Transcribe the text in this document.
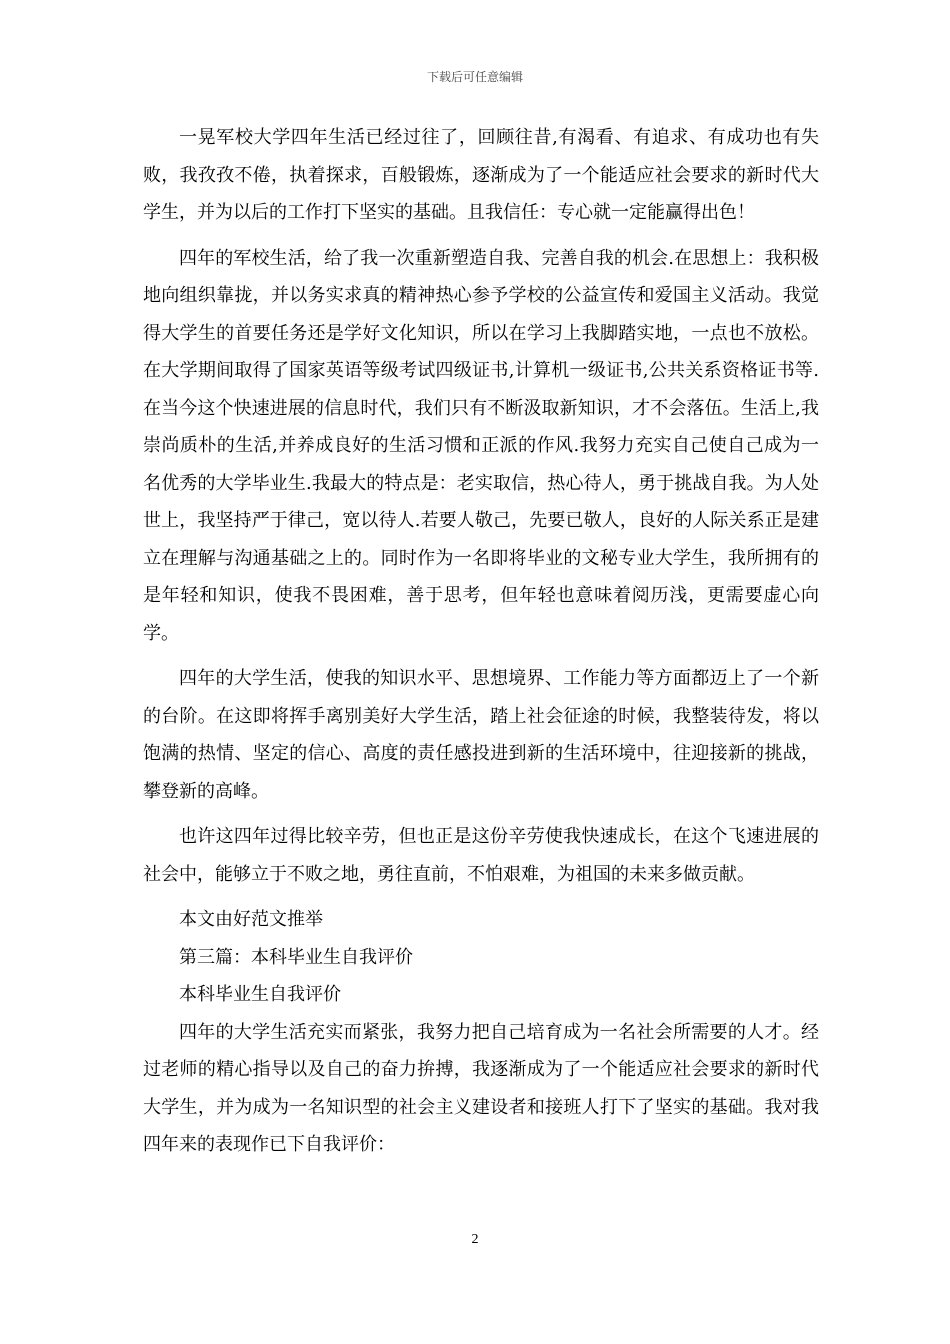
下载后可任意编辑

一晃军校大学四年生活已经过往了，回顾往昔,有渴看、有追求、有成功也有失败，我孜孜不倦，执着探求，百般锻炼，逐渐成为了一个能适应社会要求的新时代大学生，并为以后的工作打下坚实的基础。且我信任：专心就一定能赢得出色！

四年的军校生活，给了我一次重新塑造自我、完善自我的机会.在思想上：我积极地向组织靠拢，并以务实求真的精神热心参予学校的公益宣传和爱国主义活动。我觉得大学生的首要任务还是学好文化知识，所以在学习上我脚踏实地，一点也不放松。在大学期间取得了国家英语等级考试四级证书,计算机一级证书,公共关系资格证书等.在当今这个快速进展的信息时代，我们只有不断汲取新知识，才不会落伍。生活上,我崇尚质朴的生活,并养成良好的生活习惯和正派的作风.我努力充实自己使自己成为一名优秀的大学毕业生.我最大的特点是：老实取信，热心待人，勇于挑战自我。为人处世上，我坚持严于律己，宽以待人.若要人敬己，先要已敬人，良好的人际关系正是建立在理解与沟通基础之上的。同时作为一名即将毕业的文秘专业大学生，我所拥有的是年轻和知识，使我不畏困难，善于思考，但年轻也意味着阅历浅，更需要虚心向学。

四年的大学生活，使我的知识水平、思想境界、工作能力等方面都迈上了一个新的台阶。在这即将挥手离别美好大学生活，踏上社会征途的时候，我整装待发，将以饱满的热情、坚定的信心、高度的责任感投进到新的生活环境中，往迎接新的挑战，攀登新的高峰。

也许这四年过得比较辛劳，但也正是这份辛劳使我快速成长，在这个飞速进展的社会中，能够立于不败之地，勇往直前，不怕艰难，为祖国的未来多做贡献。

本文由好范文推举

第三篇：本科毕业生自我评价

本科毕业生自我评价

四年的大学生活充实而紧张，我努力把自己培育成为一名社会所需要的人才。经过老师的精心指导以及自己的奋力拚搏，我逐渐成为了一个能适应社会要求的新时代大学生，并为成为一名知识型的社会主义建设者和接班人打下了坚实的基础。我对我四年来的表现作已下自我评价：

2
